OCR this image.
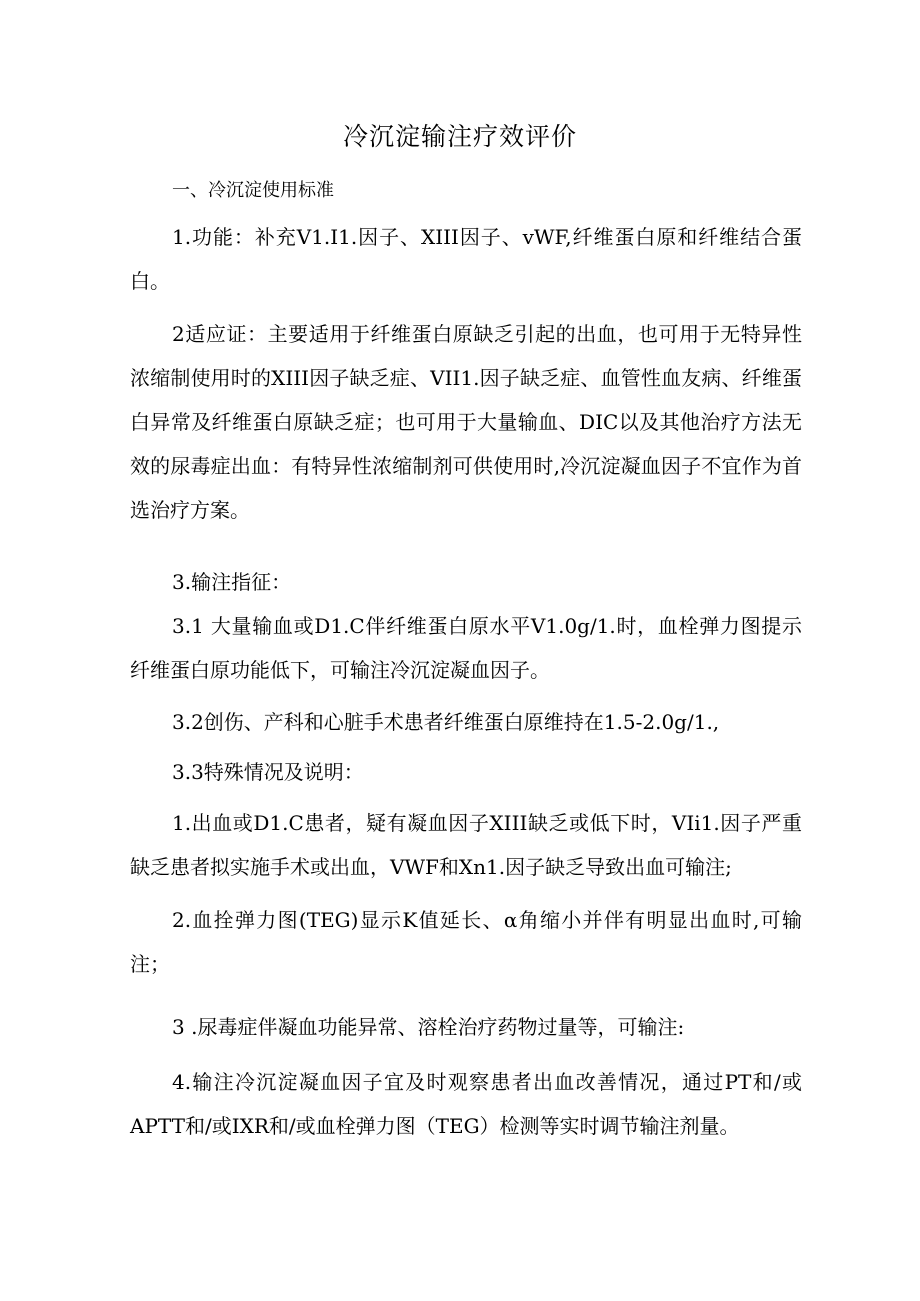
冷沉淀输注疗效评价
一、冷沉淀使用标准

1.功能：补充V1.I1.因子、XIII因子、vWF,纤维蛋白原和纤维结合蛋白。

2适应证：主要适用于纤维蛋白原缺乏引起的出血，也可用于无特异性浓缩制使用时的XIII因子缺乏症、VII1.因子缺乏症、血管性血友病、纤维蛋白异常及纤维蛋白原缺乏症；也可用于大量输血、DIC以及其他治疗方法无效的尿毒症出血：有特异性浓缩制剂可供使用时,冷沉淀凝血因子不宜作为首选治疗方案。

3.输注指征：

3.1 大量输血或D1.C伴纤维蛋白原水平V1.0g/1.时，血栓弹力图提示纤维蛋白原功能低下，可输注冷沉淀凝血因子。

3.2创伤、产科和心脏手术患者纤维蛋白原维持在1.5-2.0g/1.,

3.3特殊情况及说明：

1.出血或D1.C患者，疑有凝血因子XIII缺乏或低下时，VIi1.因子严重缺乏患者拟实施手术或出血，VWF和Xn1.因子缺乏导致出血可输注;

2.血拴弹力图(TEG)显示K值延长、α角缩小并伴有明显出血时,可输注；

3 .尿毒症伴凝血功能异常、溶栓治疗药物过量等，可输注:

4.输注冷沉淀凝血因子宜及时观察患者出血改善情况，通过PT和/或APTT和/或IXR和/或血栓弹力图（TEG）检测等实时调节输注剂量。
